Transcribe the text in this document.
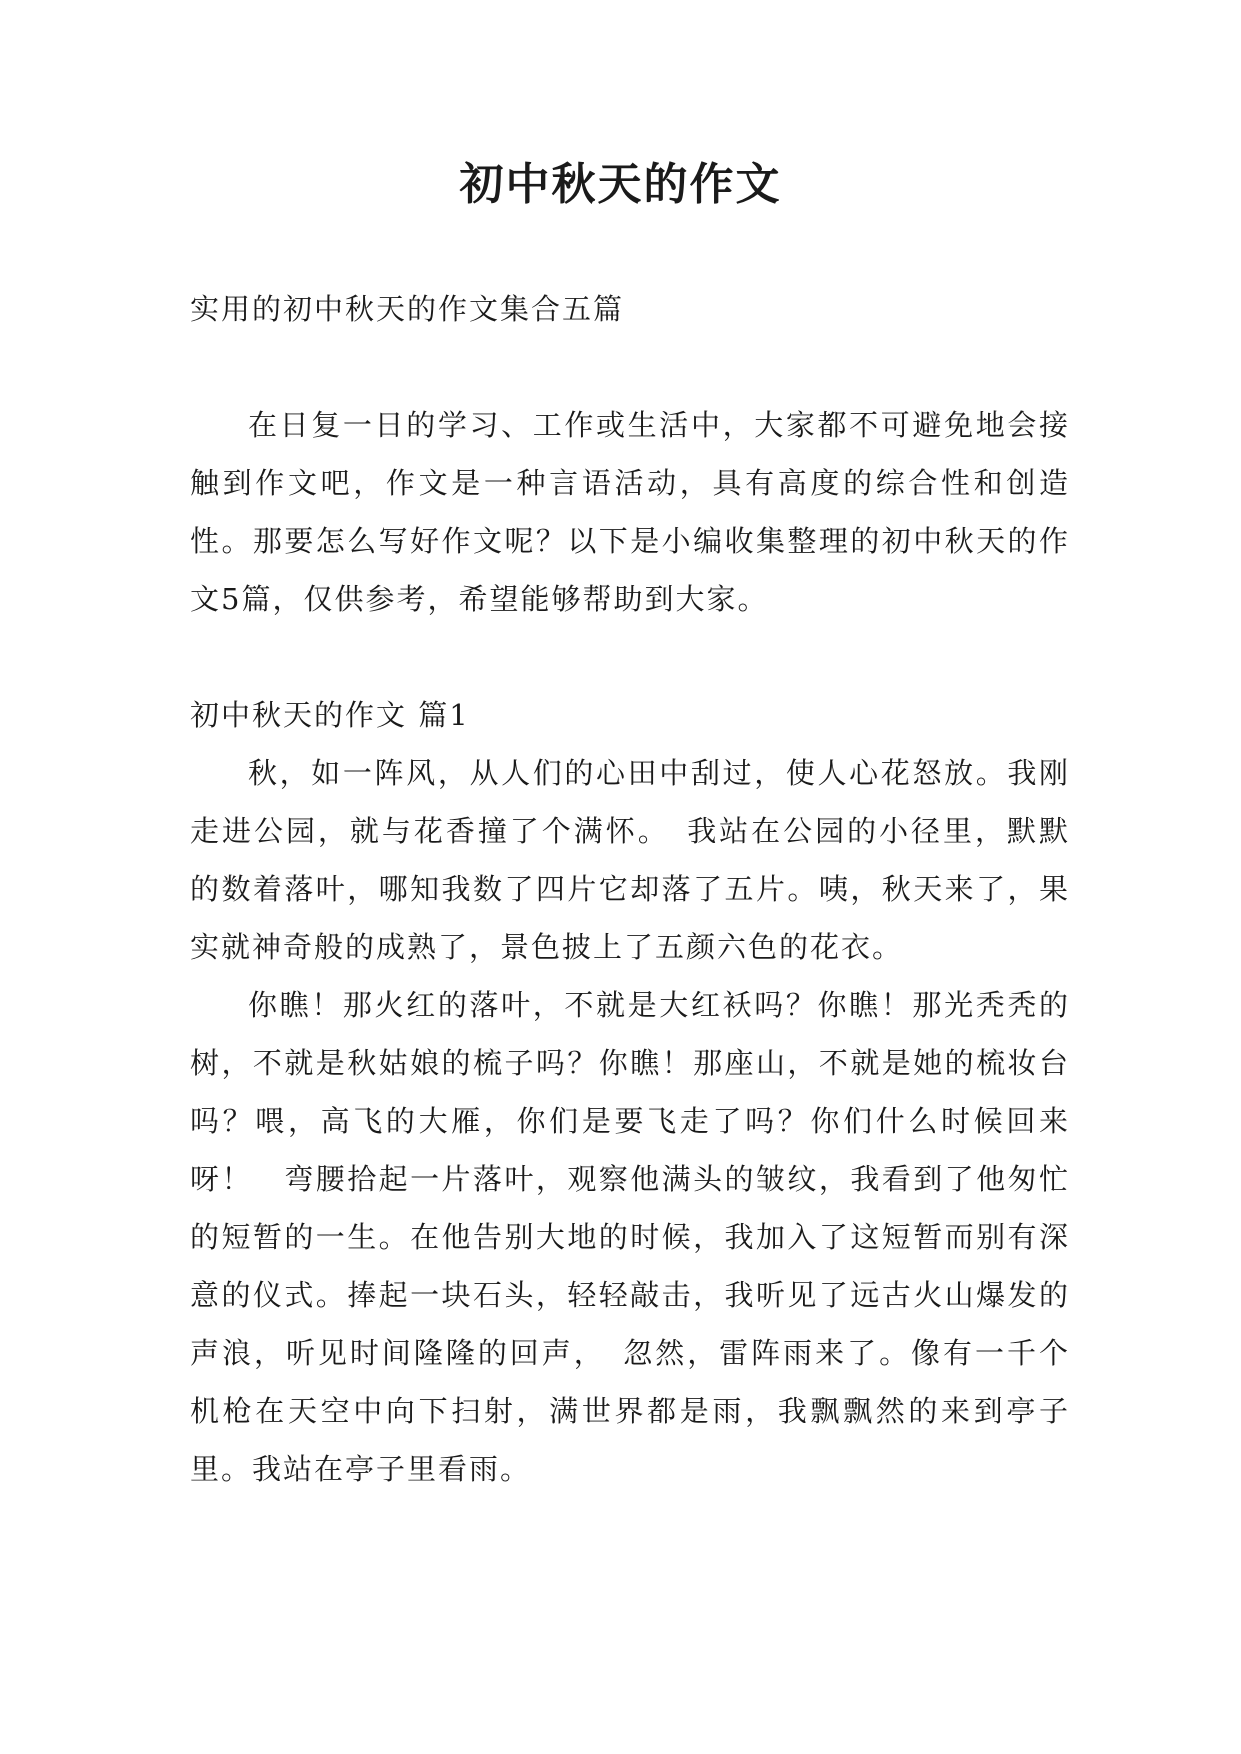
初中秋天的作文

实用的初中秋天的作文集合五篇

在日复一日的学习、工作或生活中，大家都不可避免地会接触到作文吧，作文是一种言语活动，具有高度的综合性和创造性。那要怎么写好作文呢？以下是小编收集整理的初中秋天的作文5篇，仅供参考，希望能够帮助到大家。

初中秋天的作文 篇1

秋，如一阵风，从人们的心田中刮过，使人心花怒放。我刚走进公园，就与花香撞了个满怀。　我站在公园的小径里，默默的数着落叶，哪知我数了四片它却落了五片。咦，秋天来了，果实就神奇般的成熟了，景色披上了五颜六色的花衣。

你瞧！那火红的落叶，不就是大红袄吗？你瞧！那光秃秃的树，不就是秋姑娘的梳子吗？你瞧！那座山，不就是她的梳妆台吗？喂，高飞的大雁，你们是要飞走了吗？你们什么时候回来呀！　弯腰拾起一片落叶，观察他满头的皱纹，我看到了他匆忙的短暂的一生。在他告别大地的时候，我加入了这短暂而别有深意的仪式。捧起一块石头，轻轻敲击，我听见了远古火山爆发的声浪，听见时间隆隆的回声，　忽然，雷阵雨来了。像有一千个机枪在天空中向下扫射，满世界都是雨，我飘飘然的来到亭子里。我站在亭子里看雨。
